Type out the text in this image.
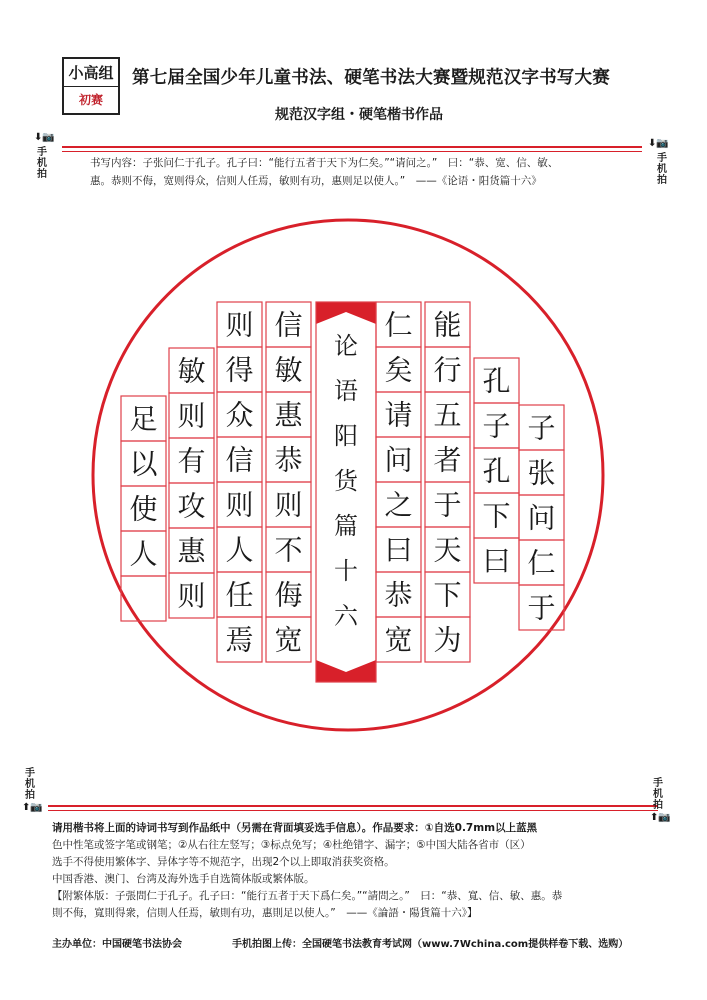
小高组
初赛
第七届全国少年儿童书法、硬笔书法大赛暨规范汉字书写大赛
规范汉字组・硬笔楷书作品
⬇📷
手机拍
⬇📷
手机拍
书写内容：子张问仁于孔子。孔子曰：“能行五者于天下为仁矣。”“请问之。”　曰：“恭、宽、信、敏、
惠。恭则不侮，宽则得众，信则人任焉，敏则有功，惠则足以使人。”　——《论语・阳货篇十六》
子
张
问
仁
于
孔
子
孔
下
曰
能
行
五
者
于
天
下
为
仁
矣
请
问
之
曰
恭
宽
论
语
阳
货
篇
十
六
信
敏
惠
恭
则
不
侮
宽
则
得
众
信
则
人
任
焉
敏
则
有
攻
惠
则
足
以
使
人
手机拍
⬆📷
手机拍
⬆📷
请用楷书将上面的诗词书写到作品纸中（另需在背面填妥选手信息）。作品要求：①自选0.7mm以上蓝黑
色中性笔或签字笔或钢笔；②从右往左竖写；③标点免写；④杜绝错字、漏字；⑤中国大陆各省市（区）
选手不得使用繁体字、异体字等不规范字，出现2个以上即取消获奖资格。
中国香港、澳门、台湾及海外选手自选简体版或繁体版。
【附繁体版：子張問仁于孔子。孔子曰：“能行五者于天下爲仁矣。”“請問之。”　曰：“恭、寬、信、敏、惠。恭
則不侮，寬則得衆，信則人任焉，敏則有功，惠則足以使人。”　——《論語・陽貨篇十六》】
主办单位：中国硬笔书法协会	手机拍图上传：全国硬笔书法教育考试网（www.7Wchina.com提供样卷下载、选购）
